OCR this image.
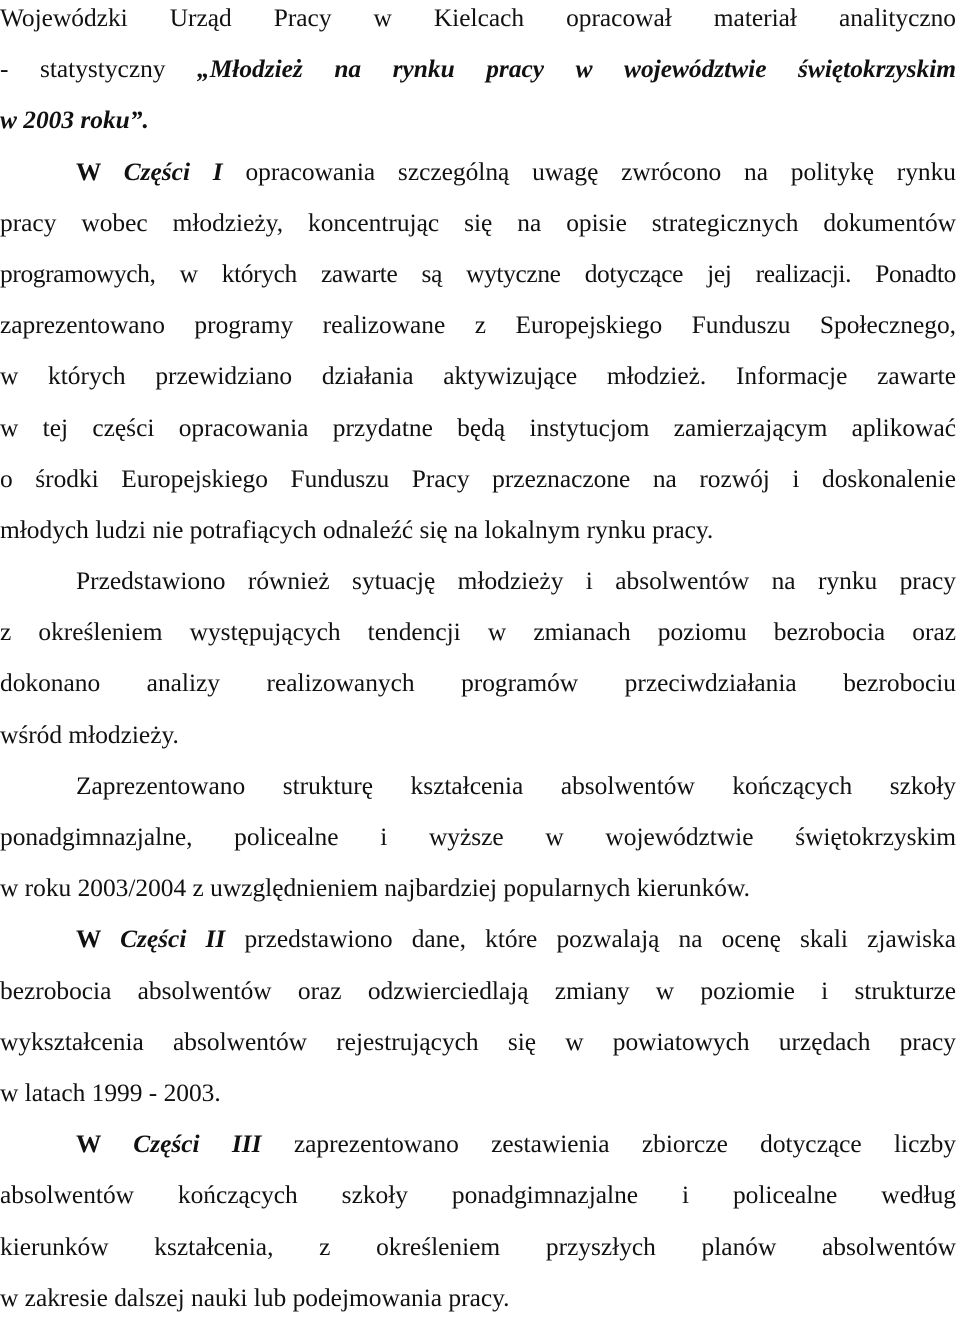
Wojewódzki Urząd Pracy w Kielcach opracował materiał analityczno
- statystyczny „Młodzież na rynku pracy w województwie świętokrzyskim
w 2003 roku”.
W Części I opracowania szczególną uwagę zwrócono na politykę rynku
pracy wobec młodzieży, koncentrując się na opisie strategicznych dokumentów
programowych, w których zawarte są wytyczne dotyczące jej realizacji. Ponadto
zaprezentowano programy realizowane z Europejskiego Funduszu Społecznego,
w których przewidziano działania aktywizujące młodzież. Informacje zawarte
w tej części opracowania przydatne będą instytucjom zamierzającym aplikować
o środki Europejskiego Funduszu Pracy przeznaczone na rozwój i doskonalenie
młodych ludzi nie potrafiących odnaleźć się na lokalnym rynku pracy.
Przedstawiono również sytuację młodzieży i absolwentów na rynku pracy
z określeniem występujących tendencji w zmianach poziomu bezrobocia oraz
dokonano analizy realizowanych programów przeciwdziałania bezrobociu
wśród młodzieży.
Zaprezentowano strukturę kształcenia absolwentów kończących szkoły
ponadgimnazjalne, policealne i wyższe w województwie świętokrzyskim
w roku 2003/2004 z uwzględnieniem najbardziej popularnych kierunków.
W Części II przedstawiono dane, które pozwalają na ocenę skali zjawiska
bezrobocia absolwentów oraz odzwierciedlają zmiany w poziomie i strukturze
wykształcenia absolwentów rejestrujących się w powiatowych urzędach pracy
w latach 1999 - 2003.
W Części III zaprezentowano zestawienia zbiorcze dotyczące liczby
absolwentów kończących szkoły ponadgimnazjalne i policealne według
kierunków kształcenia, z określeniem przyszłych planów absolwentów
w zakresie dalszej nauki lub podejmowania pracy.
